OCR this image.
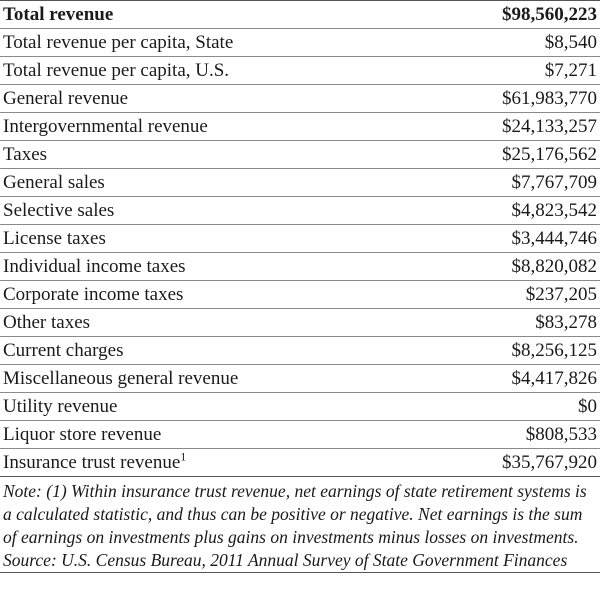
Total revenue	$98,560,223
Total revenue per capita, State	$8,540
Total revenue per capita, U.S.	$7,271
General revenue	$61,983,770
Intergovernmental revenue	$24,133,257
Taxes	$25,176,562
General sales	$7,767,709
Selective sales	$4,823,542
License taxes	$3,444,746
Individual income taxes	$8,820,082
Corporate income taxes	$237,205
Other taxes	$83,278
Current charges	$8,256,125
Miscellaneous general revenue	$4,417,826
Utility revenue	$0
Liquor store revenue	$808,533
Insurance trust revenue$^1$	$35,767,920

Note: (1) Within insurance trust revenue, net earnings of state retirement systems is a calculated statistic, and thus can be positive or negative. Net earnings is the sum of earnings on investments plus gains on investments minus losses on investments.

Source: U.S. Census Bureau, 2011 Annual Survey of State Government Finances
